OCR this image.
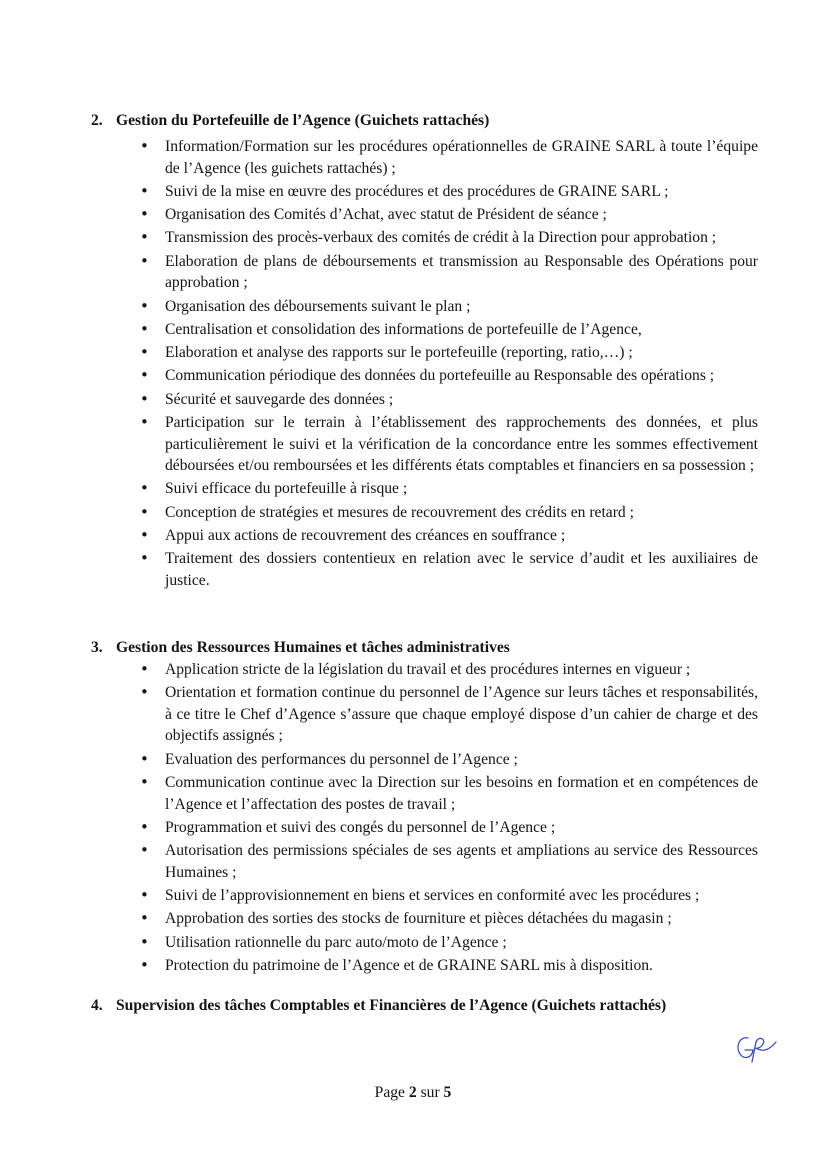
2. Gestion du Portefeuille de l’Agence (Guichets rattachés)
• Information/Formation sur les procédures opérationnelles de GRAINE SARL à toute l’équipe de l’Agence (les guichets rattachés) ;
• Suivi de la mise en œuvre des procédures et des procédures de GRAINE SARL ;
• Organisation des Comités d’Achat, avec statut de Président de séance ;
• Transmission des procès-verbaux des comités de crédit à la Direction pour approbation ;
• Elaboration de plans de déboursements et transmission au Responsable des Opérations pour approbation ;
• Organisation des déboursements suivant le plan ;
• Centralisation et consolidation des informations de portefeuille de l’Agence,
• Elaboration et analyse des rapports sur le portefeuille (reporting, ratio,…) ;
• Communication périodique des données du portefeuille au Responsable des opérations ;
• Sécurité et sauvegarde des données ;
• Participation sur le terrain à l’établissement des rapprochements des données, et plus particulièrement le suivi et la vérification de la concordance entre les sommes effectivement déboursées et/ou remboursées et les différents états comptables et financiers en sa possession ;
• Suivi efficace du portefeuille à risque ;
• Conception de stratégies et mesures de recouvrement des crédits en retard ;
• Appui aux actions de recouvrement des créances en souffrance ;
• Traitement des dossiers contentieux en relation avec le service d’audit et les auxiliaires de justice.
3. Gestion des Ressources Humaines et tâches administratives
• Application stricte de la législation du travail et des procédures internes en vigueur ;
• Orientation et formation continue du personnel de l’Agence sur leurs tâches et responsabilités, à ce titre le Chef d’Agence s’assure que chaque employé dispose d’un cahier de charge et des objectifs assignés ;
• Evaluation des performances du personnel de l’Agence ;
• Communication continue avec la Direction sur les besoins en formation et en compétences de l’Agence et l’affectation des postes de travail ;
• Programmation et suivi des congés du personnel de l’Agence ;
• Autorisation des permissions spéciales de ses agents et ampliations au service des Ressources Humaines ;
• Suivi de l’approvisionnement en biens et services en conformité avec les procédures ;
• Approbation des sorties des stocks de fourniture et pièces détachées du magasin ;
• Utilisation rationnelle du parc auto/moto de l’Agence ;
• Protection du patrimoine de l’Agence et de GRAINE SARL mis à disposition.
4. Supervision des tâches Comptables et Financières de l’Agence (Guichets rattachés)
Page 2 sur 5
